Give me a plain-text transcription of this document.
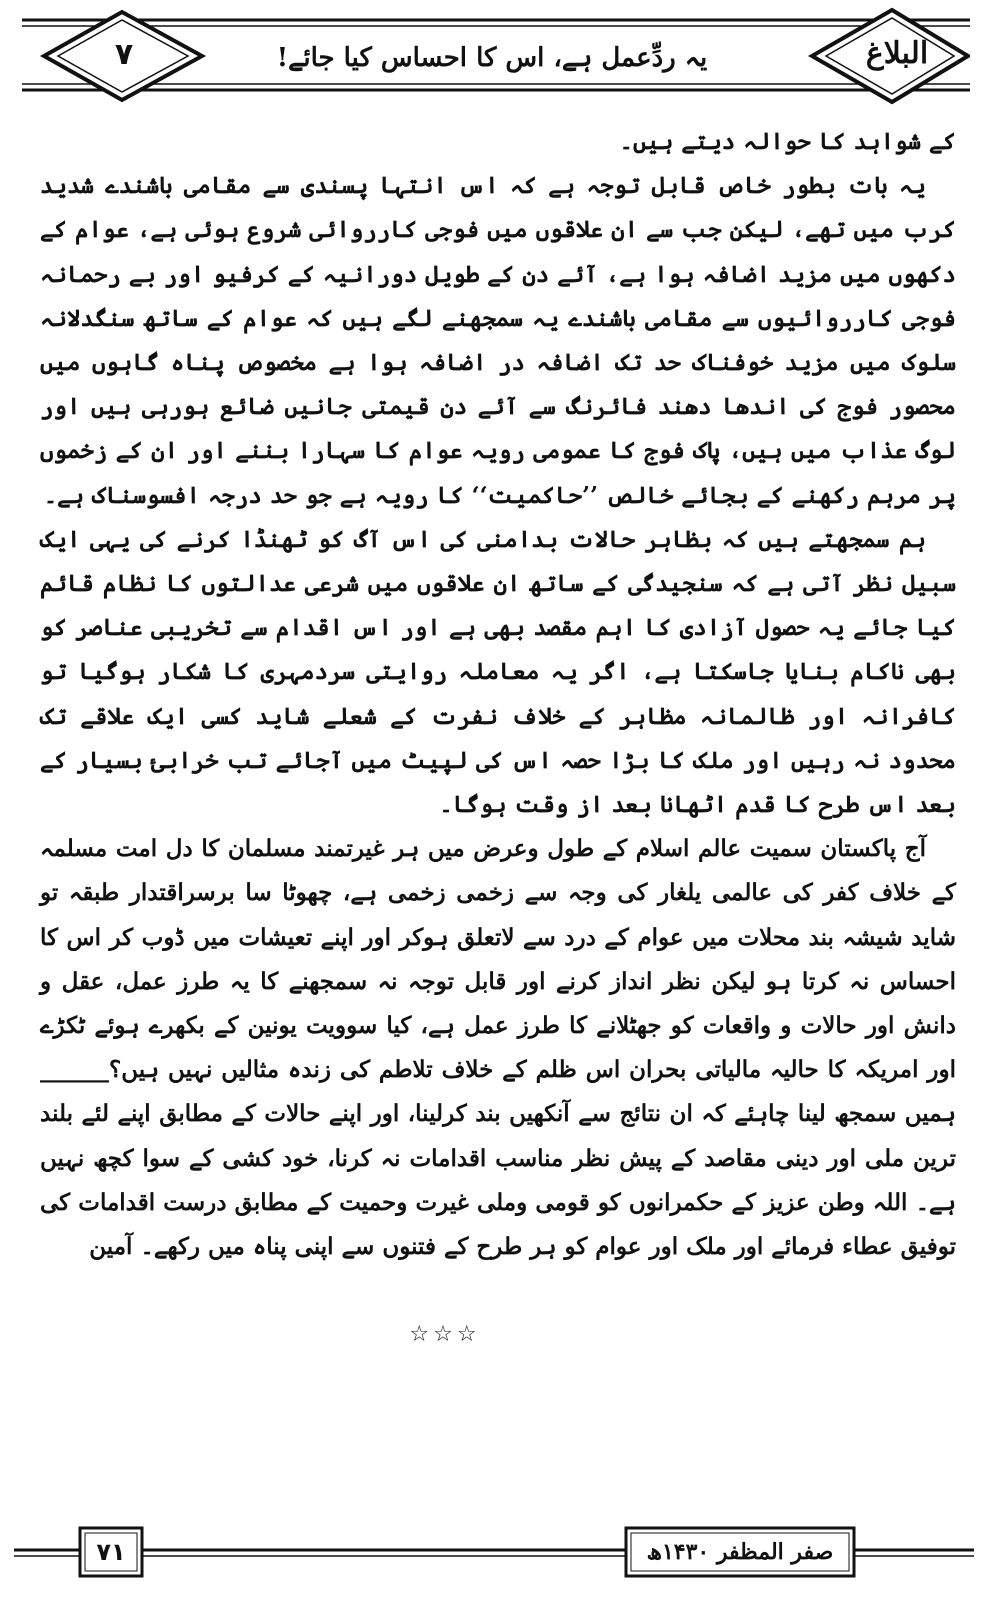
۷	یہ ردِّعمل ہے، اس کا احساس کیا جائے!	البلاغ

کے شواہد کا حوالہ دیتے ہیں۔

یہ بات بطور خاص قابل توجہ ہے کہ اس انتہا پسندی سے مقامی باشندے شدید کرب میں تھے، لیکن جب سے ان علاقوں میں فوجی کارروائی شروع ہوئی ہے، عوام کے دکھوں میں مزید اضافہ ہوا ہے، آئے دن کے طویل دورانیہ کے کرفیو اور بے رحمانہ فوجی کارروائیوں سے مقامی باشندے یہ سمجھنے لگے ہیں کہ عوام کے ساتھ سنگدلانہ سلوک میں مزید خوفناک حد تک اضافہ در اضافہ ہوا ہے مخصوص پناہ گاہوں میں محصور فوج کی اندھا دھند فائرنگ سے آئے دن قیمتی جانیں ضائع ہورہی ہیں اور لوگ عذاب میں ہیں، پاک فوج کا عمومی رویہ عوام کا سہارا بننے اور ان کے زخموں پر مرہم رکھنے کے بجائے خالص ’’حاکمیت‘‘ کا رویہ ہے جو حد درجہ افسوسناک ہے۔

ہم سمجھتے ہیں کہ بظاہر حالات بدامنی کی اس آگ کو ٹھنڈا کرنے کی یہی ایک سبیل نظر آتی ہے کہ سنجیدگی کے ساتھ ان علاقوں میں شرعی عدالتوں کا نظام قائم کیا جائے یہ حصول آزادی کا اہم مقصد بھی ہے اور اس اقدام سے تخریبی عناصر کو بھی ناکام بنایا جاسکتا ہے، اگر یہ معاملہ روایتی سردمہری کا شکار ہوگیا تو کافرانہ اور ظالمانہ مظاہر کے خلاف نفرت کے شعلے شاید کسی ایک علاقے تک محدود نہ رہیں اور ملک کا بڑا حصہ اس کی لپیٹ میں آجائے تب خرابیٔ بسیار کے بعد اس طرح کا قدم اٹھانا بعد از وقت ہوگا۔

آج پاکستان سمیت عالم اسلام کے طول وعرض میں ہر غیرتمند مسلمان کا دل امت مسلمہ کے خلاف کفر کی عالمی یلغار کی وجہ سے زخمی زخمی ہے، چھوٹا سا برسراقتدار طبقہ تو شاید شیشہ بند محلات میں عوام کے درد سے لاتعلق ہوکر اور اپنے تعیشات میں ڈوب کر اس کا احساس نہ کرتا ہو لیکن نظر انداز کرنے اور قابل توجہ نہ سمجھنے کا یہ طرز عمل، عقل و دانش اور حالات و واقعات کو جھٹلانے کا طرز عمل ہے، کیا سوویت یونین کے بکھرے ہوئے ٹکڑے اور امریکہ کا حالیہ مالیاتی بحران اس ظلم کے خلاف تلاطم کی زندہ مثالیں نہیں ہیں؟______ ہمیں سمجھ لینا چاہئے کہ ان نتائج سے آنکھیں بند کرلینا، اور اپنے حالات کے مطابق اپنے لئے بلند ترین ملی اور دینی مقاصد کے پیش نظر مناسب اقدامات نہ کرنا، خود کشی کے سوا کچھ نہیں ہے۔ اللہ وطن عزیز کے حکمرانوں کو قومی وملی غیرت وحمیت کے مطابق درست اقدامات کی توفیق عطاء فرمائے اور ملک اور عوام کو ہر طرح کے فتنوں سے اپنی پناہ میں رکھے۔ آمین

☆☆☆
۷۱	صفر المظفر ۱۴۳۰ھ
